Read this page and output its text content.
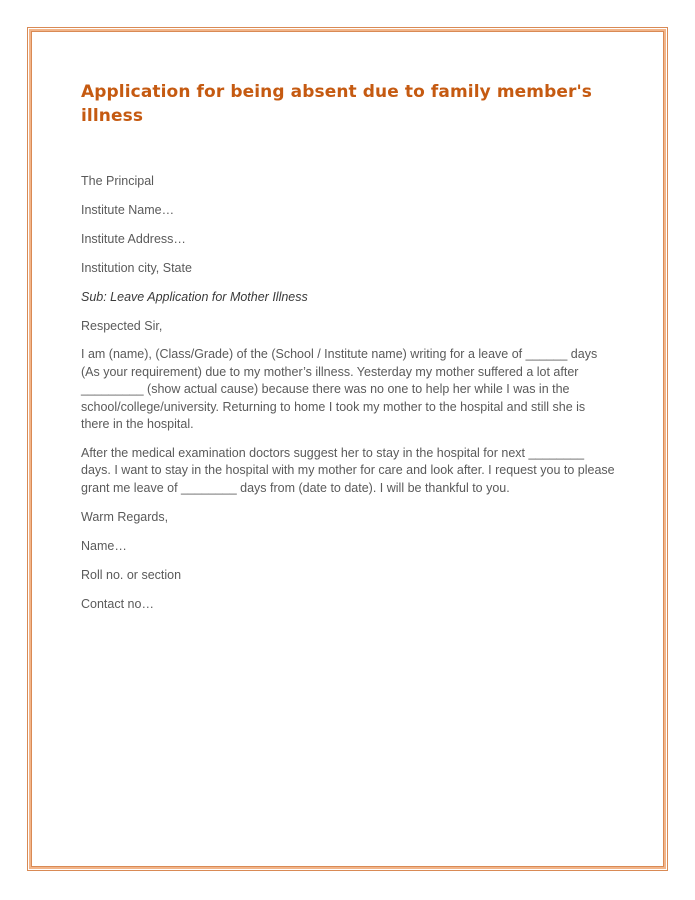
Application for being absent due to family member's illness

The Principal

Institute Name…

Institute Address…

Institution city, State

Sub: Leave Application for Mother Illness

Respected Sir,

I am (name), (Class/Grade) of the (School / Institute name) writing for a leave of ______ days (As your requirement) due to my mother’s illness. Yesterday my mother suffered a lot after _________ (show actual cause) because there was no one to help her while I was in the school/college/university. Returning to home I took my mother to the hospital and still she is there in the hospital.

After the medical examination doctors suggest her to stay in the hospital for next ________ days. I want to stay in the hospital with my mother for care and look after. I request you to please grant me leave of ________ days from (date to date). I will be thankful to you.

Warm Regards,

Name…

Roll no. or section

Contact no…
